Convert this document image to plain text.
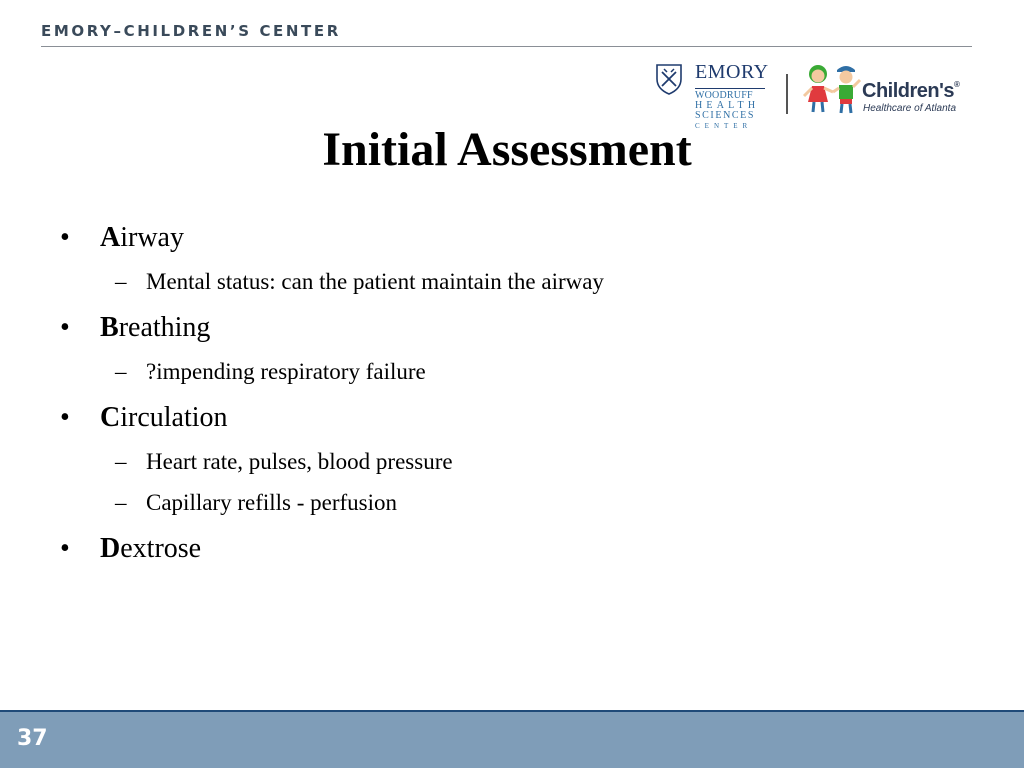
EMORY–CHILDREN’S CENTER
EMORY
WOODRUFF
HEALTH
SCIENCES
CENTER
Children's®
Healthcare of Atlanta
Initial Assessment
• Airway
– Mental status: can the patient maintain the airway
• Breathing
– ?impending respiratory failure
• Circulation
– Heart rate, pulses, blood pressure
– Capillary refills - perfusion
• Dextrose
37
